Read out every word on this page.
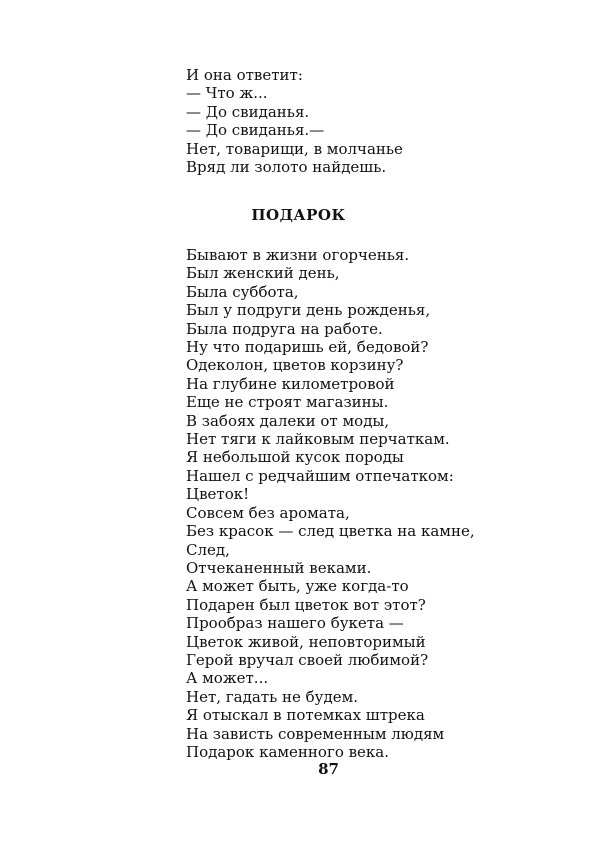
И она ответит:
— Что ж...
— До свиданья.
— До свиданья.—
Нет, товарищи, в молчанье
Вряд ли золото найдешь.
ПОДАРОК
Бывают в жизни огорченья.
Был женский день,
Была суббота,
Был у подруги день рожденья,
Была подруга на работе.
Ну что подаришь ей, бедовой?
Одеколон, цветов корзину?
На глубине километровой
Еще не строят магазины.
В забоях далеки от моды,
Нет тяги к лайковым перчаткам.
Я небольшой кусок породы
Нашел с редчайшим отпечатком:
Цветок!
Совсем без аромата,
Без красок — след цветка на камне,
След,
Отчеканенный веками.
А может быть, уже когда-то
Подарен был цветок вот этот?
Прообраз нашего букета —
Цветок живой, неповторимый
Герой вручал своей любимой?
А может...
Нет, гадать не будем.
Я отыскал в потемках штрека
На зависть современным людям
Подарок каменного века.
87
